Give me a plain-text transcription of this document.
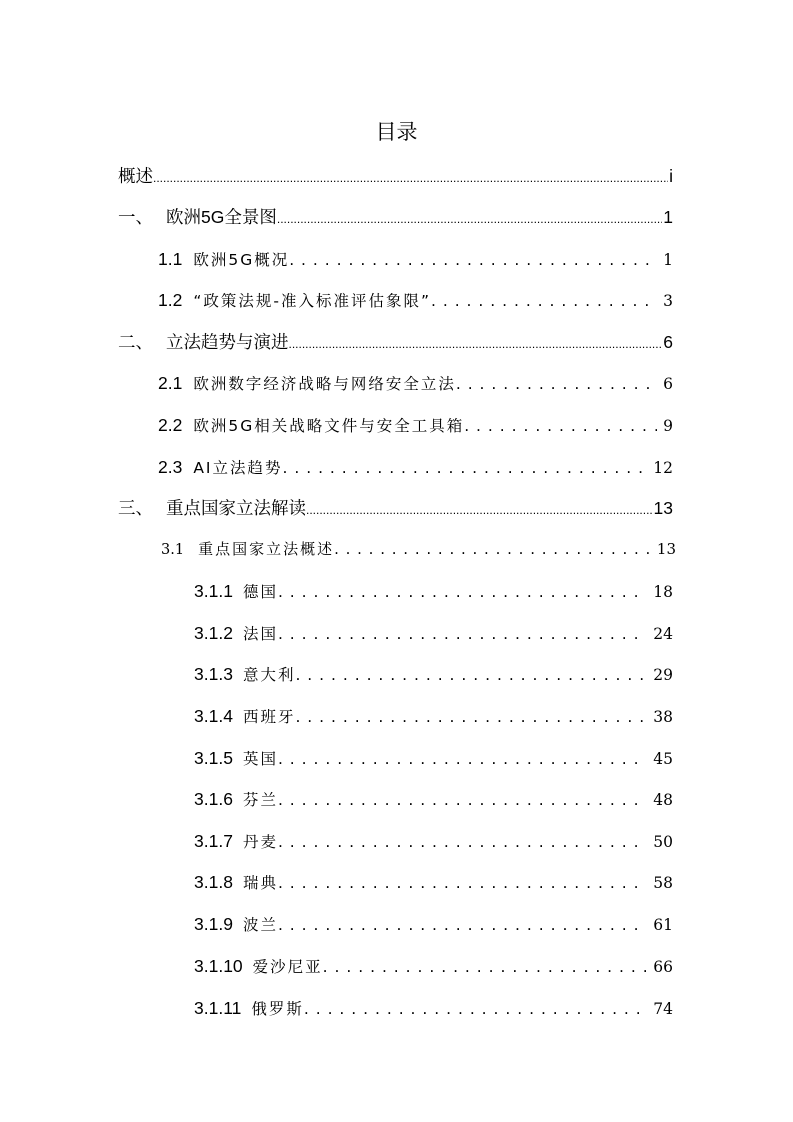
目录
概述 .....	i
一、 欧洲5G全景图 .....	1
1.1 欧洲5G概况 . . .	1
1.2 “政策法规-准入标准评估象限” . . .	3
二、 立法趋势与演进 .....	6
2.1 欧洲数字经济战略与网络安全立法 . . .	6
2.2 欧洲5G相关战略文件与安全工具箱 . . .	9
2.3 AI立法趋势 . . .	12
三、 重点国家立法解读 .....	13
3.1 重点国家立法概述 . . .	13
3.1.1 德国 . . .	18
3.1.2 法国 . . .	24
3.1.3 意大利 . . .	29
3.1.4 西班牙 . . .	38
3.1.5 英国 . . .	45
3.1.6 芬兰 . . .	48
3.1.7 丹麦 . . .	50
3.1.8 瑞典 . . .	58
3.1.9 波兰 . . .	61
3.1.10 爱沙尼亚 . . .	66
3.1.11 俄罗斯 . . .	74
